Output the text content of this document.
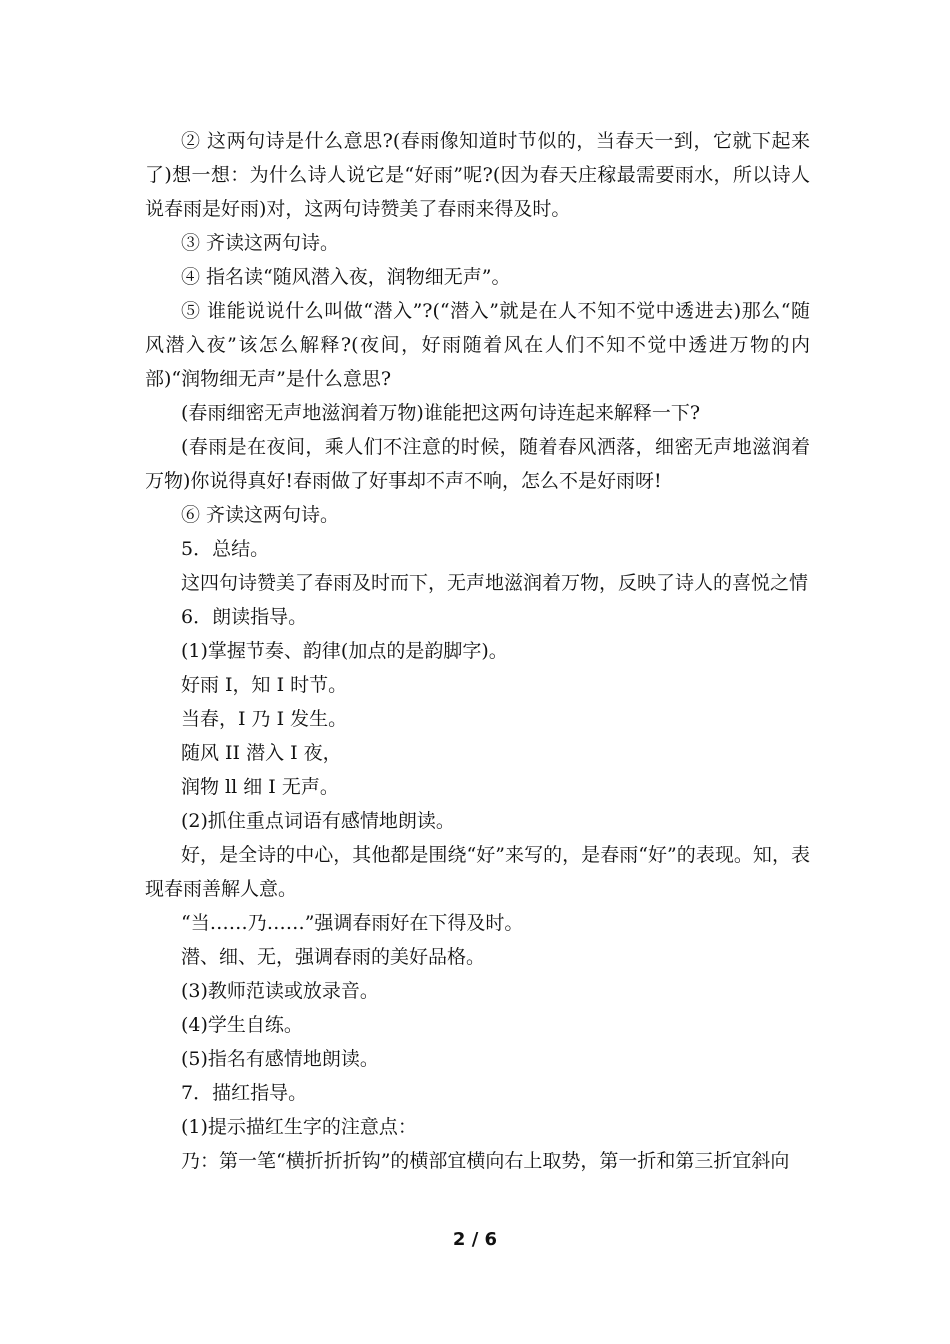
② 这两句诗是什么意思?(春雨像知道时节似的，当春天一到，它就下起来了)想一想：为什么诗人说它是“好雨”呢?(因为春天庄稼最需要雨水，所以诗人说春雨是好雨)对，这两句诗赞美了春雨来得及时。

③ 齐读这两句诗。

④ 指名读“随风潜入夜，润物细无声”。

⑤ 谁能说说什么叫做“潜入”?(“潜入”就是在人不知不觉中透进去)那么“随风潜入夜”该怎么解释?(夜间，好雨随着风在人们不知不觉中透进万物的内部)“润物细无声”是什么意思?

(春雨细密无声地滋润着万物)谁能把这两句诗连起来解释一下?

(春雨是在夜间，乘人们不注意的时候，随着春风洒落，细密无声地滋润着万物)你说得真好!春雨做了好事却不声不响，怎么不是好雨呀!

⑥ 齐读这两句诗。

5．总结。

这四句诗赞美了春雨及时而下，无声地滋润着万物，反映了诗人的喜悦之情

6．朗读指导。

(1)掌握节奏、韵律(加点的是韵脚字)。

好雨 I，知 I 时节。

当春，I 乃 I 发生。

随风 II 潜入 I 夜，

润物 ll 细 I 无声。

(2)抓住重点词语有感情地朗读。

好，是全诗的中心，其他都是围绕“好”来写的，是春雨“好”的表现。知，表现春雨善解人意。

“当……乃……”强调春雨好在下得及时。

潜、细、无，强调春雨的美好品格。

(3)教师范读或放录音。

(4)学生自练。

(5)指名有感情地朗读。

7．描红指导。

(1)提示描红生字的注意点：

乃：第一笔“横折折折钩”的横部宜横向右上取势，第一折和第三折宜斜向

2 / 6
